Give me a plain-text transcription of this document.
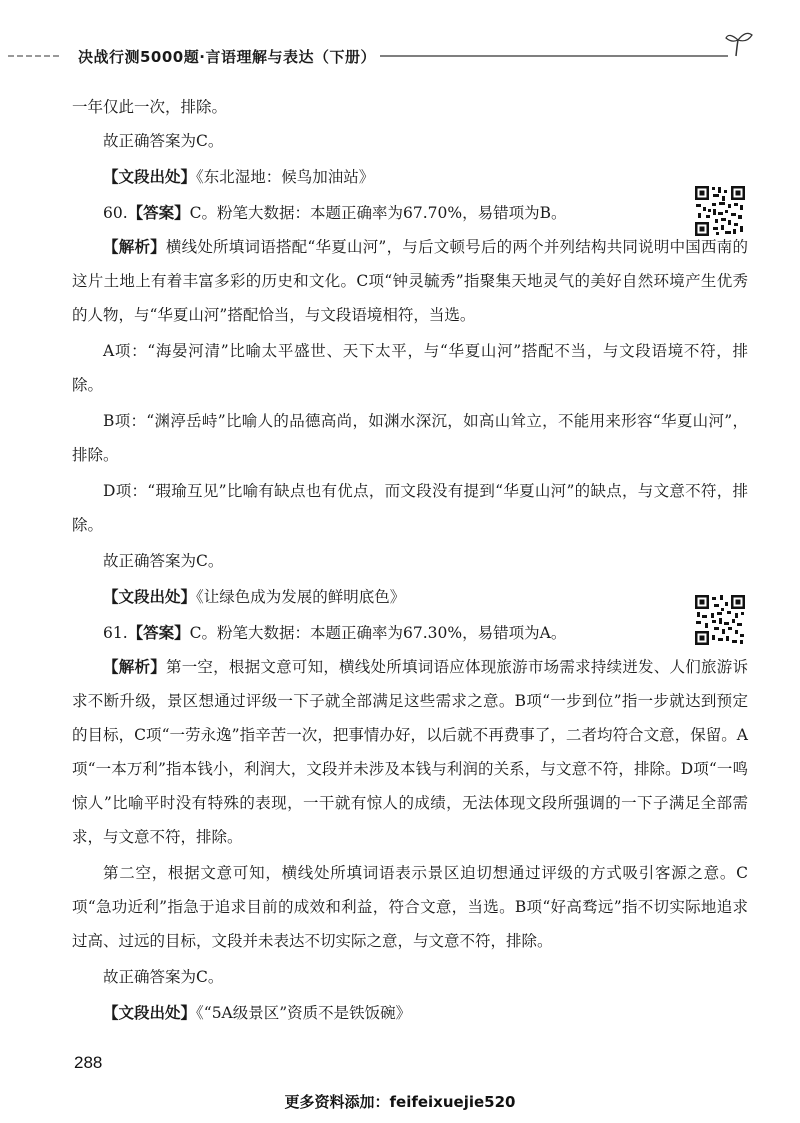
决战行测5000题·言语理解与表达（下册）

一年仅此一次，排除。

故正确答案为C。

【文段出处】《东北湿地：候鸟加油站》

60.【答案】C。粉笔大数据：本题正确率为67.70%，易错项为B。

【解析】横线处所填词语搭配“华夏山河”，与后文顿号后的两个并列结构共同说明中国西南的这片土地上有着丰富多彩的历史和文化。C项“钟灵毓秀”指聚集天地灵气的美好自然环境产生优秀的人物，与“华夏山河”搭配恰当，与文段语境相符，当选。

A项：“海晏河清”比喻太平盛世、天下太平，与“华夏山河”搭配不当，与文段语境不符，排除。

B项：“渊渟岳峙”比喻人的品德高尚，如渊水深沉，如高山耸立，不能用来形容“华夏山河”，排除。

D项：“瑕瑜互见”比喻有缺点也有优点，而文段没有提到“华夏山河”的缺点，与文意不符，排除。

故正确答案为C。

【文段出处】《让绿色成为发展的鲜明底色》

61.【答案】C。粉笔大数据：本题正确率为67.30%，易错项为A。

【解析】第一空，根据文意可知，横线处所填词语应体现旅游市场需求持续迸发、人们旅游诉求不断升级，景区想通过评级一下子就全部满足这些需求之意。B项“一步到位”指一步就达到预定的目标，C项“一劳永逸”指辛苦一次，把事情办好，以后就不再费事了，二者均符合文意，保留。A项“一本万利”指本钱小，利润大，文段并未涉及本钱与利润的关系，与文意不符，排除。D项“一鸣惊人”比喻平时没有特殊的表现，一干就有惊人的成绩，无法体现文段所强调的一下子满足全部需求，与文意不符，排除。

第二空，根据文意可知，横线处所填词语表示景区迫切想通过评级的方式吸引客源之意。C项“急功近利”指急于追求目前的成效和利益，符合文意，当选。B项“好高骛远”指不切实际地追求过高、过远的目标，文段并未表达不切实际之意，与文意不符，排除。

故正确答案为C。

【文段出处】《“5A级景区”资质不是铁饭碗》

288
更多资料添加：feifeixuejie520
